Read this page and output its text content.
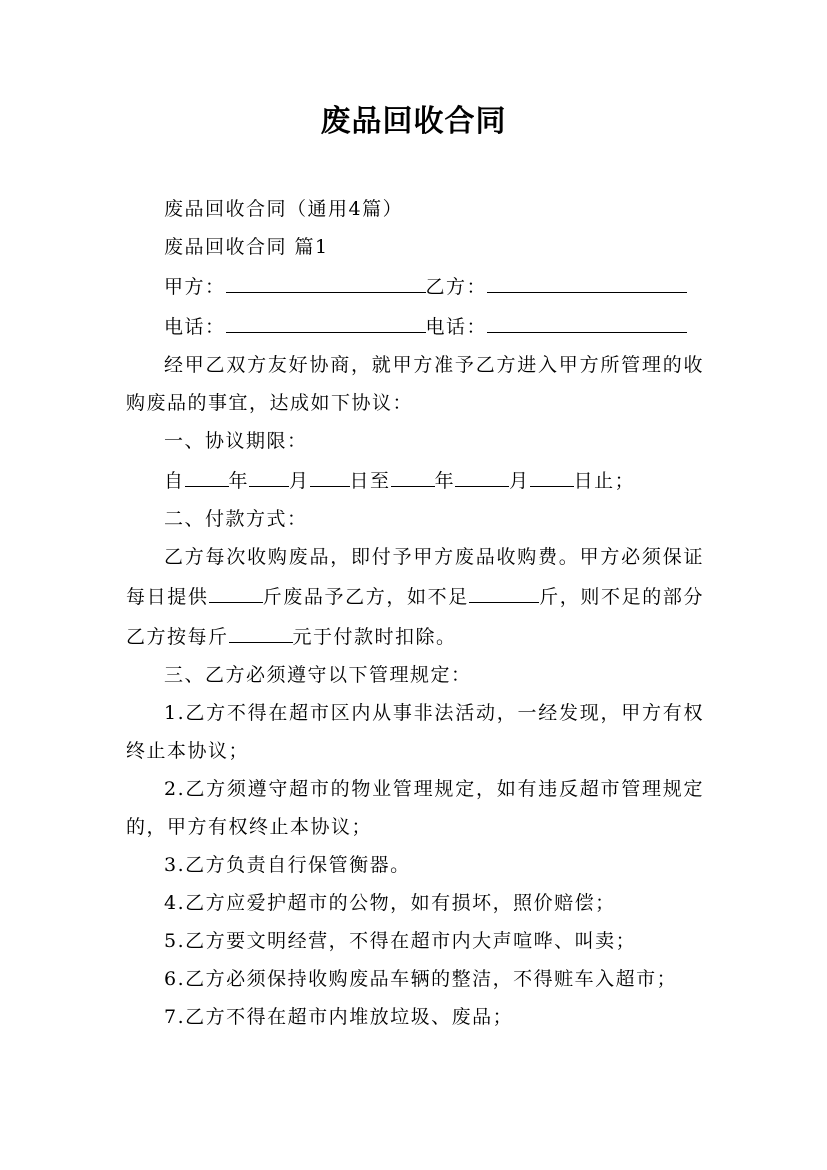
废品回收合同

废品回收合同（通用4篇）

废品回收合同 篇1

甲方：	乙方：

电话：	电话：

经甲乙双方友好协商，就甲方准予乙方进入甲方所管理的收购废品的事宜，达成如下协议：

一、协议期限：

自 年 月 日至 年	月 日止；

二、付款方式：

乙方每次收购废品，即付予甲方废品收购费。甲方必须保证每日提供	斤废品予乙方，如不足	斤，则不足的部分乙方按每斤	元于付款时扣除。

三、乙方必须遵守以下管理规定：

1.乙方不得在超市区内从事非法活动，一经发现，甲方有权终止本协议；

2.乙方须遵守超市的物业管理规定，如有违反超市管理规定的，甲方有权终止本协议；

3.乙方负责自行保管衡器。

4.乙方应爱护超市的公物，如有损坏，照价赔偿；

5.乙方要文明经营，不得在超市内大声喧哗、叫卖；

6.乙方必须保持收购废品车辆的整洁，不得赃车入超市；

7.乙方不得在超市内堆放垃圾、废品；
